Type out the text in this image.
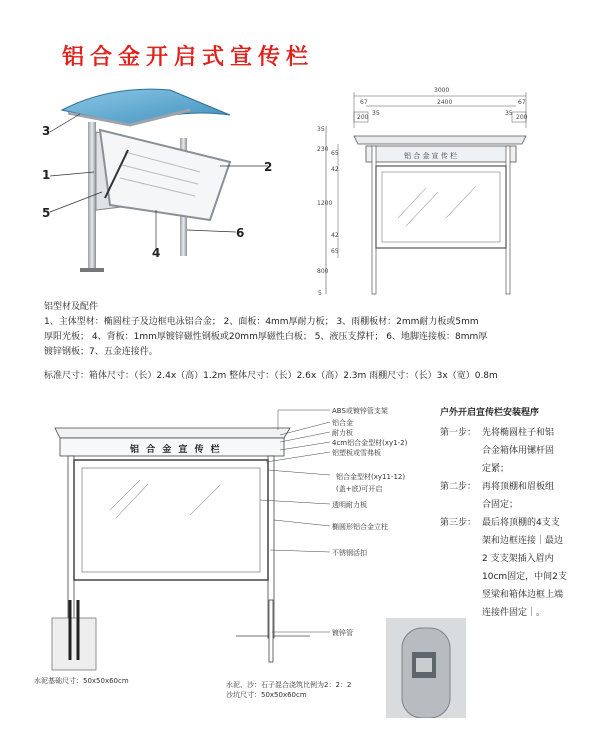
铝合金开启式宣传栏
3
1
5
2
4
6
3000
2400
67	67
200	200
35	35
35
230
65
42
1200
42
65
800
5
铝 合 金 宣 传 栏
铝型材及配件
1、主体型材：椭圆柱子及边框电泳铝合金； 2、面板：4mm厚耐力板； 3、雨棚板材：2mm耐力板或5mm
厚阳光板； 4、背板：1mm厚镀锌磁性钢板或20mm厚磁性白板； 5、液压支撑杆； 6、地脚连接板：8mm厚
镀锌钢板；7、五金连接件。
标准尺寸：箱体尺寸：（长）2.4x（高）1.2m 整体尺寸：（长）2.6x（高）2.3m 雨棚尺寸：（长）3x（宽）0.8m
铝 合 金 宣 传 栏
ABS或镀锌管支架
铝合金
耐力板
4cm铝合金型材(xy1-2)
铝塑板或雪弗板
铝合金型材(xy11-12)
(盖+底)可开启
透明耐力板
椭圆形铝合金立柱
不锈钢活扣
镀锌管
水泥基础尺寸：50x50x60cm	水泥、沙：石子混合浇筑比例为2：2：2
沙坑尺寸：50x50x60cm
户外开启宣传栏安装程序
第一步： 先将椭圆柱子和铝
合金箱体用镙杆固
定紧；
第二步： 再将顶棚和眉板组
合固定；
第三步： 最后将顶棚的4支支
架和边框连接｜最边
2 支支架插入眉内
10cm固定，中间2支
竖梁和箱体边框上端
连接件固定｜。
